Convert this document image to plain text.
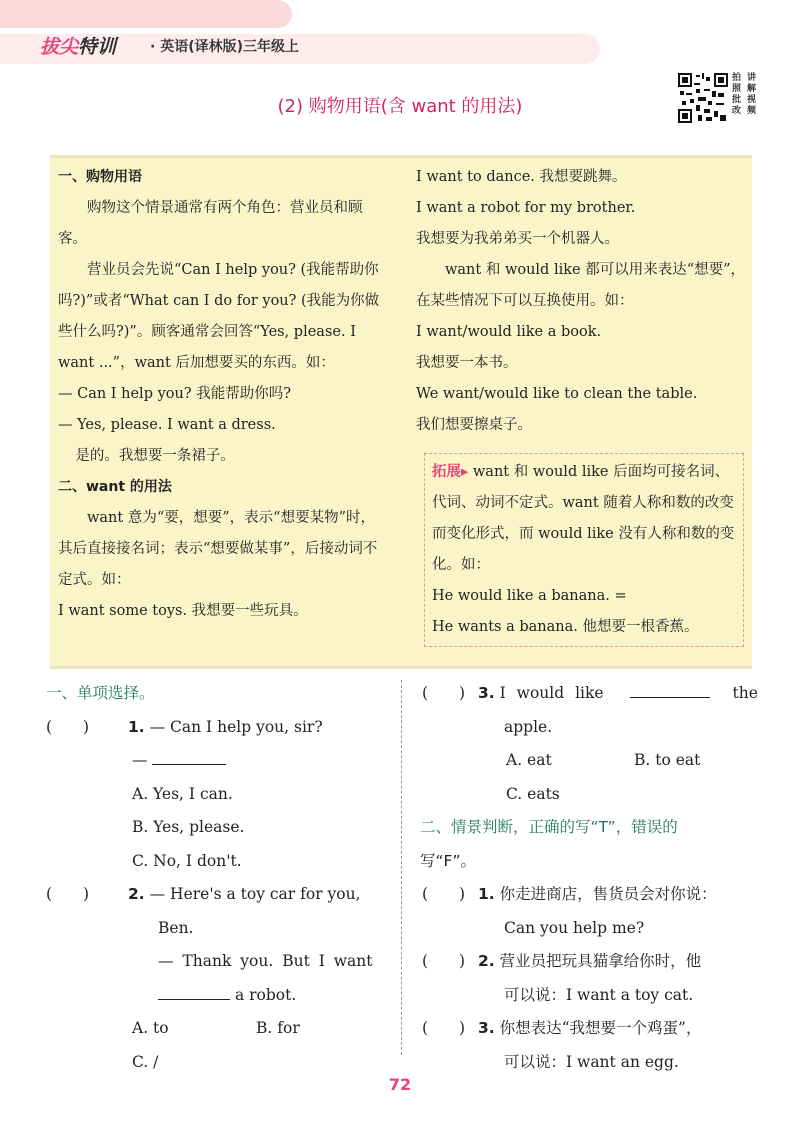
拔尖特训 · 英语(译林版)三年级上
(2) 购物用语(含 want 的用法)
拍 讲
照 解
批 视
改 频

一、购物用语

购物这个情景通常有两个角色：营业员和顾客。

营业员会先说“Can I help you? (我能帮助你吗?)”或者“What can I do for you? (我能为你做些什么吗?)”。顾客通常会回答“Yes, please. I want ...”，want 后加想要买的东西。如：

— Can I help you? 我能帮助你吗?

— Yes, please. I want a dress.

是的。我想要一条裙子。

二、want 的用法

want 意为“要，想要”，表示“想要某物”时，其后直接接名词；表示“想要做某事”，后接动词不定式。如：

I want some toys. 我想要一些玩具。

I want to dance. 我想要跳舞。

I want a robot for my brother.

我想要为我弟弟买一个机器人。

want 和 would like 都可以用来表达“想要”，在某些情况下可以互换使用。如：

I want/would like a book.

我想要一本书。

We want/would like to clean the table.

我们想要擦桌子。

拓展▸ want 和 would like 后面均可接名词、代词、动词不定式。want 随着人称和数的改变而变化形式，而 would like 没有人称和数的变化。如：

He would like a banana. =

He wants a banana. 他想要一根香蕉。

一、单项选择。
(　　)	1. — Can I help you, sir?
—
A. Yes, I can.
B. Yes, please.
C. No, I don't.
(　　)	2. — Here's a toy car for you,
Ben.
— Thank you. But I want
a robot.
A. to	B. for
C. /
(　　) 3. I would like	the
apple.
A. eat	B. to eat
C. eats
二、情景判断，正确的写“T”，错误的
写“F”。
(　　) 1. 你走进商店，售货员会对你说：
Can you help me?
(　　) 2. 营业员把玩具猫拿给你时，他
可以说：I want a toy cat.
(　　) 3. 你想表达“我想要一个鸡蛋”，
可以说：I want an egg.
72
